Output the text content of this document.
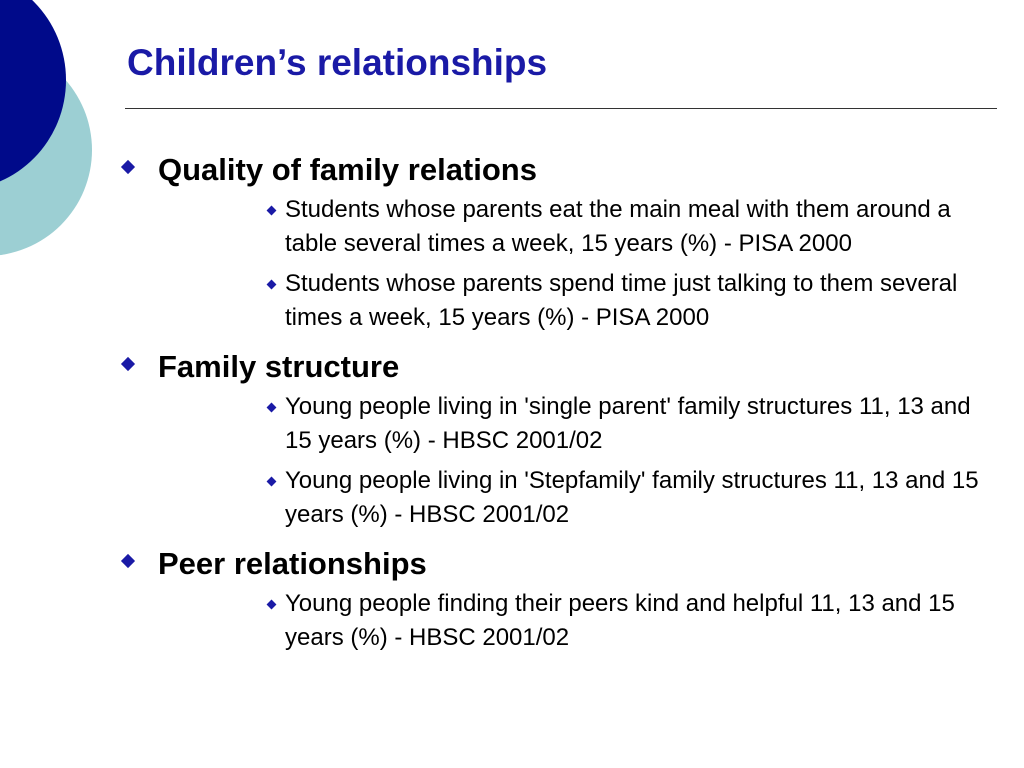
Children’s relationships
Quality of family relations
Students whose parents eat the main meal with them around a table several times a week, 15 years (%) - PISA 2000
Students whose parents spend time just talking to them several times a week, 15 years (%) - PISA 2000
Family structure
Young people living in 'single parent' family structures 11, 13 and 15 years (%) - HBSC 2001/02
Young people living in 'Stepfamily' family structures 11, 13 and 15 years (%) - HBSC 2001/02
Peer relationships
Young people finding their peers kind and helpful 11, 13 and 15 years (%) - HBSC 2001/02
